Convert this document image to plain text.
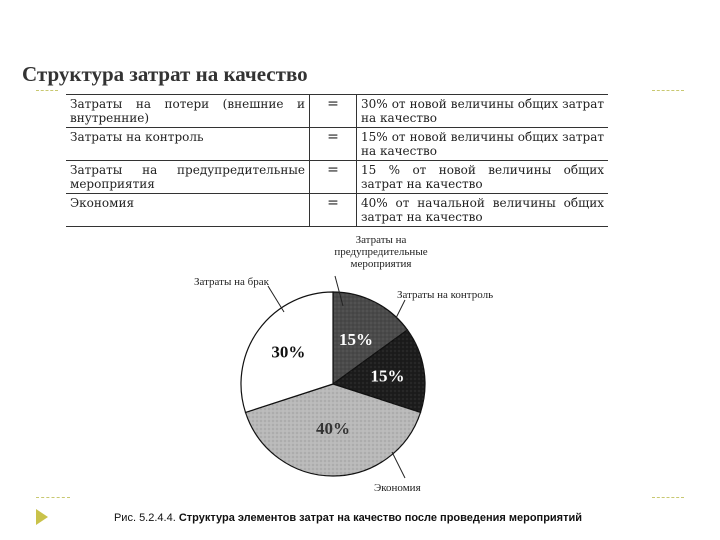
Структура затрат на качество
Затраты на потери (внешние и внутренние)	=	30% от новой величины общих затрат на качество
Затраты на контроль	=	15% от новой величины общих затрат на качество
Затраты на предупредительные мероприятия	=	15 % от новой величины общих затрат на качество
Экономия	=	40% от начальной величины общих затрат на качество
15%
15%
40%
30%
Затраты на предупредительные мероприятия
Затраты на контроль
Экономия
Затраты на брак
Рис. 5.2.4.4. Структура элементов затрат на качество после проведения мероприятий
